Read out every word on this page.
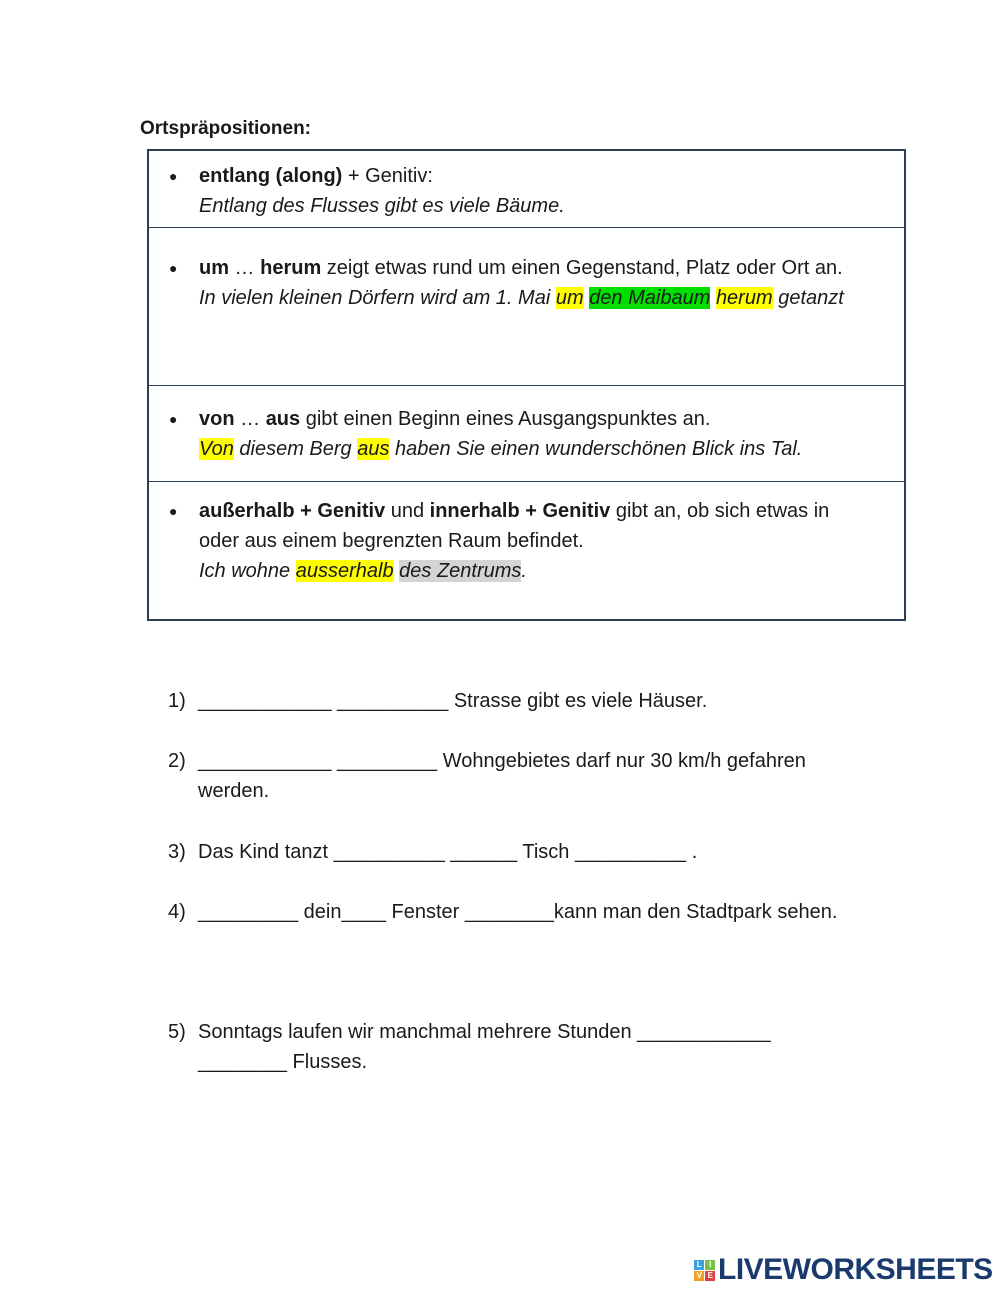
Ortspräpositionen:
● entlang (along) + Genitiv:
Entlang des Flusses gibt es viele Bäume.
● um … herum zeigt etwas rund um einen Gegenstand, Platz oder Ort an.
In vielen kleinen Dörfern wird am 1. Mai um den Maibaum herum getanzt
● von … aus gibt einen Beginn eines Ausgangspunktes an.
Von diesem Berg aus haben Sie einen wunderschönen Blick ins Tal.
● außerhalb + Genitiv und innerhalb + Genitiv gibt an, ob sich etwas in oder aus einem begrenzten Raum befindet.
Ich wohne ausserhalb des Zentrums.
1) ____________ __________ Strasse gibt es viele Häuser.
2) ____________ _________ Wohngebietes darf nur 30 km/h gefahren werden.
3) Das Kind tanzt __________ ______ Tisch __________ .
4) _________ dein____ Fenster ________kann man den Stadtpark sehen.
5) Sonntags laufen wir manchmal mehrere Stunden ____________ ________ Flusses.
L I
V E LIVEWORKSHEETS
